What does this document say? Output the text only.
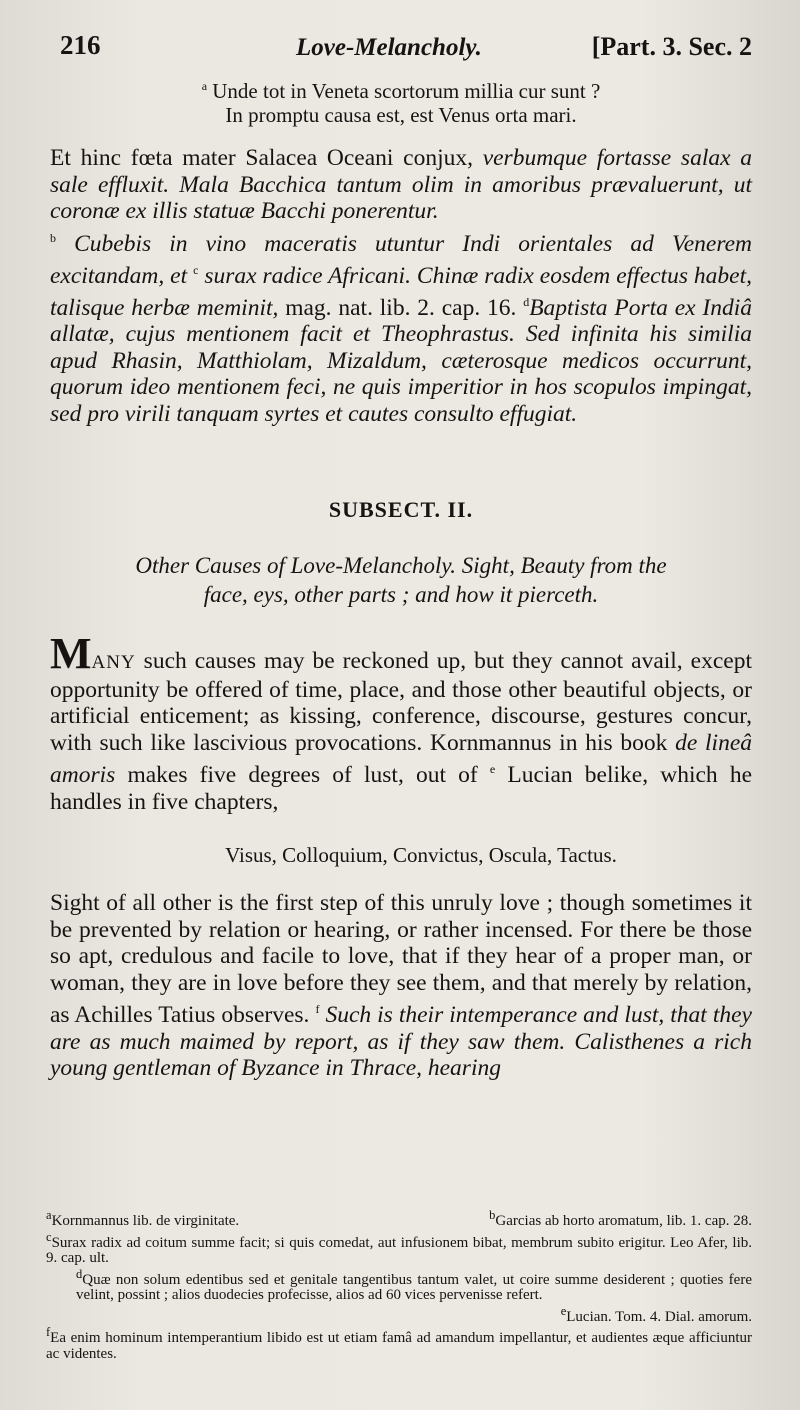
216	Love-Melancholy.	[Part. 3. Sec. 2
$^a$ Unde tot in Veneta scortorum millia cur sunt ?
In promptu causa est, est Venus orta mari.

Et hinc fœta mater Salacea Oceani conjux, verbumque fortasse salax a sale effluxit. Mala Bacchica tantum olim in amoribus prævaluerunt, ut coronæ ex illis statuæ Bacchi ponerentur.
$^b$ Cubebis in vino maceratis utuntur Indi orientales ad Venerem excitandam, et $^c$ surax radice Africani. Chinæ radix eosdem effectus habet, talisque herbæ meminit, mag. nat. lib. 2. cap. 16. $^d$Baptista Porta ex Indiâ allatæ, cujus mentionem facit et Theophrastus. Sed infinita his similia apud Rhasin, Matthiolam, Mizaldum, cæterosque medicos occurrunt, quorum ideo mentionem feci, ne quis imperitior in hos scopulos impingat, sed pro virili tanquam syrtes et cautes consulto effugiat.

SUBSECT. II.
Other Causes of Love-Melancholy. Sight, Beauty from the
face, eys, other parts ; and how it pierceth.

MANY such causes may be reckoned up, but they cannot avail, except opportunity be offered of time, place, and those other beautiful objects, or artificial enticement; as kissing, conference, discourse, gestures concur, with such like lascivious provocations. Kornmannus in his book de lineâ amoris makes five degrees of lust, out of $^e$ Lucian belike, which he handles in five chapters,

Visus, Colloquium, Convictus, Oscula, Tactus.

Sight of all other is the first step of this unruly love ; though sometimes it be prevented by relation or hearing, or rather incensed. For there be those so apt, credulous and facile to love, that if they hear of a proper man, or woman, they are in love before they see them, and that merely by relation, as Achilles Tatius observes. $^f$ Such is their intemperance and lust, that they are as much maimed by report, as if they saw them. Calisthenes a rich young gentleman of Byzance in Thrace, hearing

$^a$Kornmannus lib. de virginitate.	$^b$Garcias ab horto aromatum, lib. 1. cap. 28.
$^c$Surax radix ad coitum summe facit; si quis comedat, aut infusionem bibat, membrum subito erigitur. Leo Afer, lib. 9. cap. ult.
$^d$Quæ non solum edentibus sed et genitale tangentibus tantum valet, ut coire summe desiderent ; quoties fere velint, possint ; alios duodecies profecisse, alios ad 60 vices pervenisse refert.
$^e$Lucian. Tom. 4. Dial. amorum.
$^f$Ea enim hominum intemperantium libido est ut etiam famâ ad amandum impellantur, et audientes æque afficiuntur ac videntes.
